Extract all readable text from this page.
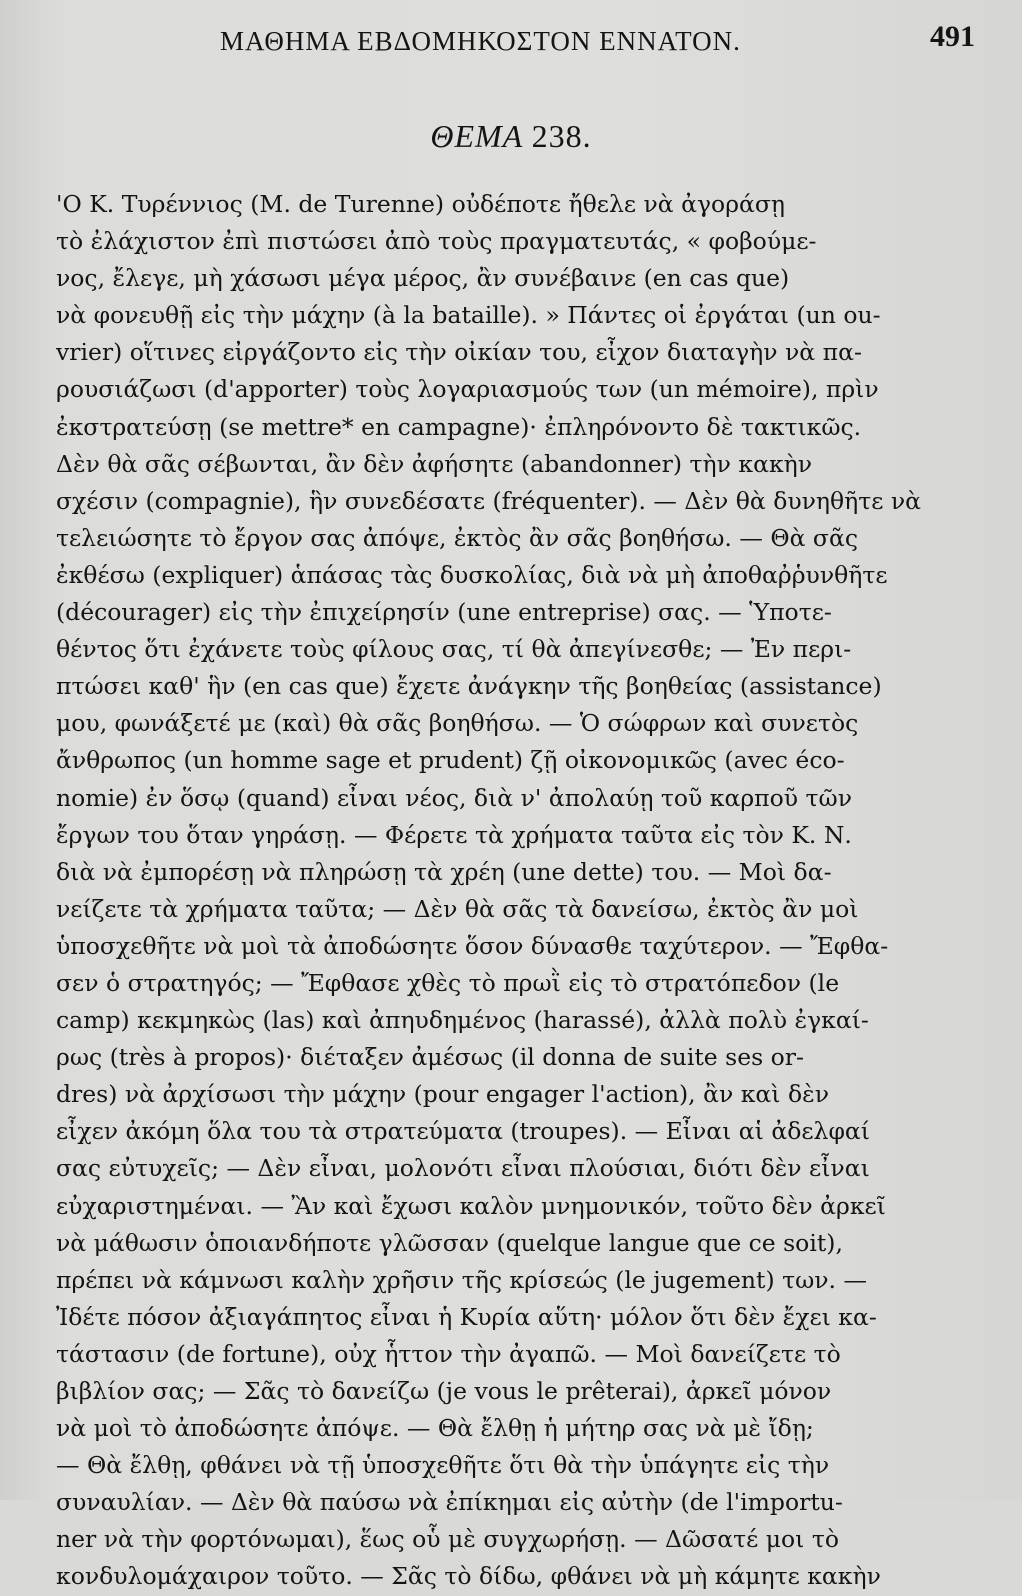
ΜΑΘΗΜΑ ΕΒΔΟΜΗΚΟΣΤΟΝ ΕΝΝΑΤΟΝ.	491
ΘΕΜΑ 238.
'Ο Κ. Τυρέννιος (M. de Turenne) οὐδέποτε ἤθελε νὰ ἀγοράσῃ
τὸ ἐλάχιστον ἐπὶ πιστώσει ἀπὸ τοὺς πραγματευτάς, « φοβούμε-
νος, ἔλεγε, μὴ χάσωσι μέγα μέρος, ἂν συνέβαινε (en cas que)
νὰ φονευθῇ εἰς τὴν μάχην (à la bataille). » Πάντες οἱ ἐργάται (un ou-
vrier) οἵτινες εἰργάζοντο εἰς τὴν οἰκίαν του, εἶχον διαταγὴν νὰ πα-
ρουσιάζωσι (d'apporter) τοὺς λογαριασμούς των (un mémoire), πρὶν
ἐκστρατεύσῃ (se mettre* en campagne)· ἐπληρόνοντο δὲ τακτικῶς.
Δὲν θὰ σᾶς σέβωνται, ἂν δὲν ἀφήσητε (abandonner) τὴν κακὴν
σχέσιν (compagnie), ἣν συνεδέσατε (fréquenter). — Δὲν θὰ δυνηθῆτε νὰ
τελειώσητε τὸ ἔργον σας ἀπόψε, ἐκτὸς ἂν σᾶς βοηθήσω. — Θὰ σᾶς
ἐκθέσω (expliquer) ἁπάσας τὰς δυσκολίας, διὰ νὰ μὴ ἀποθαῤῥυνθῆτε
(décourager) εἰς τὴν ἐπιχείρησίν (une entreprise) σας. — Ὑποτε-
θέντος ὅτι ἐχάνετε τοὺς φίλους σας, τί θὰ ἀπεγίνεσθε; — Ἐν περι-
πτώσει καθ' ἣν (en cas que) ἔχετε ἀνάγκην τῆς βοηθείας (assistance)
μου, φωνάξετέ με (καὶ) θὰ σᾶς βοηθήσω. — Ὁ σώφρων καὶ συνετὸς
ἄνθρωπος (un homme sage et prudent) ζῇ οἰκονομικῶς (avec éco-
nomie) ἐν ὅσῳ (quand) εἶναι νέος, διὰ ν' ἀπολαύῃ τοῦ καρποῦ τῶν
ἔργων του ὅταν γηράσῃ. — Φέρετε τὰ χρήματα ταῦτα εἰς τὸν Κ. Ν.
διὰ νὰ ἐμπορέσῃ νὰ πληρώσῃ τὰ χρέη (une dette) του. — Μοὶ δα-
νείζετε τὰ χρήματα ταῦτα; — Δὲν θὰ σᾶς τὰ δανείσω, ἐκτὸς ἂν μοὶ
ὑποσχεθῆτε νὰ μοὶ τὰ ἀποδώσητε ὅσον δύνασθε ταχύτερον. — Ἔφθα-
σεν ὁ στρατηγός; — Ἔφθασε χθὲς τὸ πρωῒ εἰς τὸ στρατόπεδον (le
camp) κεκμηκὼς (las) καὶ ἀπηυδημένος (harassé), ἀλλὰ πολὺ ἐγκαί-
ρως (très à propos)· διέταξεν ἀμέσως (il donna de suite ses or-
dres) νὰ ἀρχίσωσι τὴν μάχην (pour engager l'action), ἂν καὶ δὲν
εἶχεν ἀκόμη ὅλα του τὰ στρατεύματα (troupes). — Εἶναι αἱ ἀδελφαί
σας εὐτυχεῖς; — Δὲν εἶναι, μολονότι εἶναι πλούσιαι, διότι δὲν εἶναι
εὐχαριστημέναι. — Ἂν καὶ ἔχωσι καλὸν μνημονικόν, τοῦτο δὲν ἀρκεῖ
νὰ μάθωσιν ὁποιανδήποτε γλῶσσαν (quelque langue que ce soit),
πρέπει νὰ κάμνωσι καλὴν χρῆσιν τῆς κρίσεώς (le jugement) των. —
Ἰδέτε πόσον ἀξιαγάπητος εἶναι ἡ Κυρία αὕτη· μόλον ὅτι δὲν ἔχει κα-
τάστασιν (de fortune), οὐχ ἧττον τὴν ἀγαπῶ. — Μοὶ δανείζετε τὸ
βιβλίον σας; — Σᾶς τὸ δανείζω (je vous le prêterai), ἀρκεῖ μόνον
νὰ μοὶ τὸ ἀποδώσητε ἀπόψε. — Θὰ ἔλθῃ ἡ μήτηρ σας νὰ μὲ ἴδῃ;
— Θὰ ἔλθῃ, φθάνει νὰ τῇ ὑποσχεθῆτε ὅτι θὰ τὴν ὑπάγητε εἰς τὴν
συναυλίαν. — Δὲν θὰ παύσω νὰ ἐπίκημαι εἰς αὐτὴν (de l'importu-
ner νὰ τὴν φορτόνωμαι), ἕως οὗ μὲ συγχωρήσῃ. — Δῶσατέ μοι τὸ
κονδυλομάχαιρον τοῦτο. — Σᾶς τὸ δίδω, φθάνει νὰ μὴ κάμητε κακὴν
